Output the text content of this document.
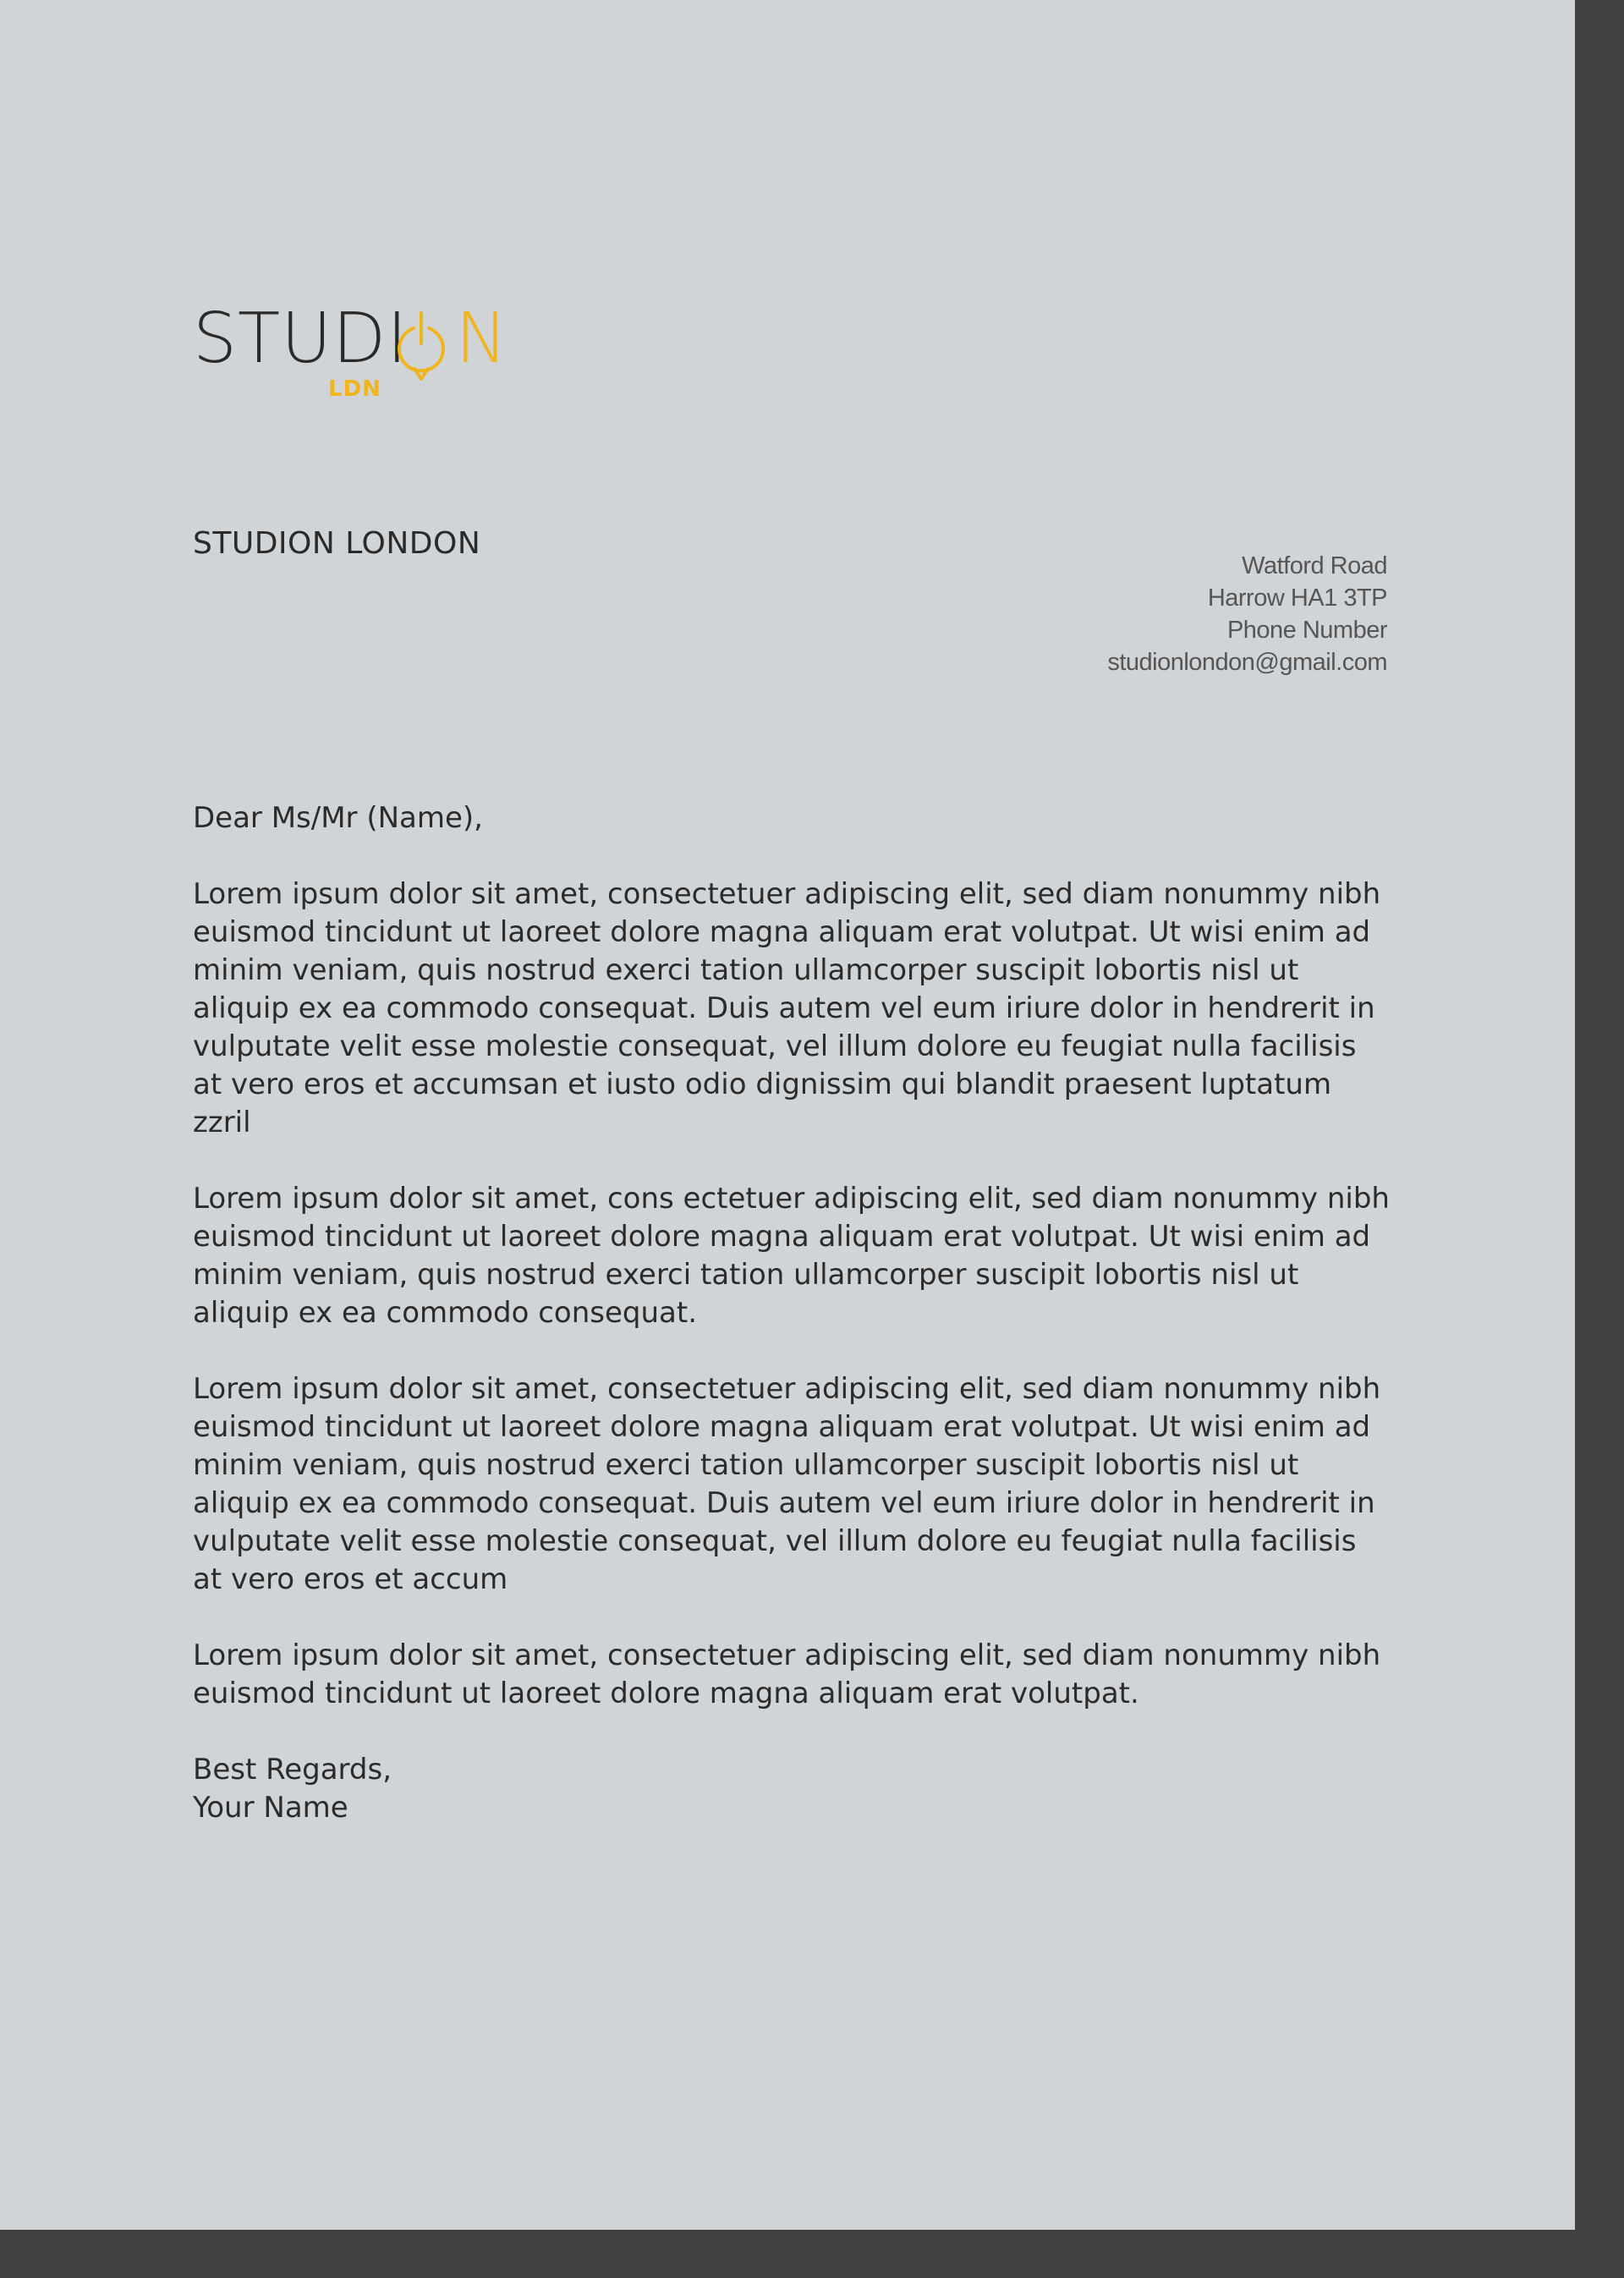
STUDI N
LDN
STUDION LONDON
Watford Road
Harrow HA1 3TP
Phone Number
studionlondon@gmail.com

Dear Ms/Mr (Name),

Lorem ipsum dolor sit amet, consectetuer adipiscing elit, sed diam nonummy nibh euismod tincidunt ut laoreet dolore magna aliquam erat volutpat. Ut wisi enim ad minim veniam, quis nostrud exerci tation ullamcorper suscipit lobortis nisl ut aliquip ex ea commodo consequat. Duis autem vel eum iriure dolor in hendrerit in vulputate velit esse molestie consequat, vel illum dolore eu feugiat nulla facilisis at vero eros et accumsan et iusto odio dignissim qui blandit praesent luptatum zzril

Lorem ipsum dolor sit amet, cons ectetuer adipiscing elit, sed diam nonummy nibh euismod tincidunt ut laoreet dolore magna aliquam erat volutpat. Ut wisi enim ad minim veniam, quis nostrud exerci tation ullamcorper suscipit lobortis nisl ut aliquip ex ea commodo consequat.

Lorem ipsum dolor sit amet, consectetuer adipiscing elit, sed diam nonummy nibh euismod tincidunt ut laoreet dolore magna aliquam erat volutpat. Ut wisi enim ad minim veniam, quis nostrud exerci tation ullamcorper suscipit lobortis nisl ut aliquip ex ea commodo consequat. Duis autem vel eum iriure dolor in hendrerit in vulputate velit esse molestie consequat, vel illum dolore eu feugiat nulla facilisis at vero eros et accum

Lorem ipsum dolor sit amet, consectetuer adipiscing elit, sed diam nonummy nibh euismod tincidunt ut laoreet dolore magna aliquam erat volutpat.

Best Regards,
Your Name
